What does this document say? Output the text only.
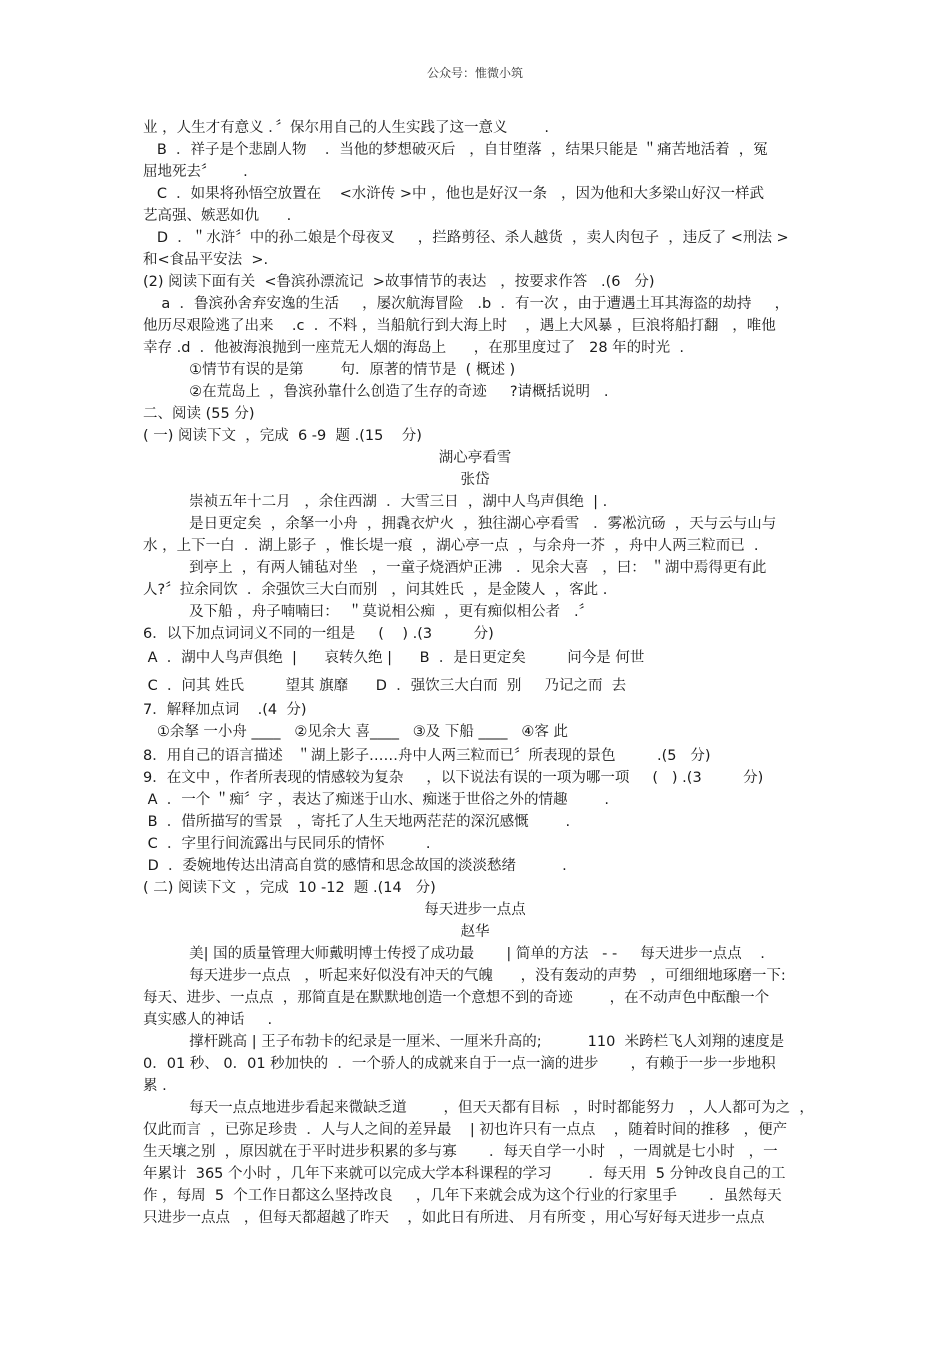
公众号：惟微小筑
业 ，人生才有意义 ．〞保尔用自己的人生实践了这一意义        .
B  ．祥子是个悲剧人物    ．当他的梦想破灭后   ，自甘堕落  ，结果只能是 ＂痛苦地活着  ，冤
屈地死去〞      .
C  ．如果将孙悟空放置在    <水浒传 >中 ，他也是好汉一条   ，因为他和大多梁山好汉一样武
艺高强、嫉恶如仇      .
D  ．＂水浒〞中的孙二娘是个母夜叉     ，拦路剪径、杀人越货  ，卖人肉包子  ，违反了 <刑法 >
和<食品平安法  >.
(2) 阅读下面有关  <鲁滨孙漂流记  >故事情节的表达   ，按要求作答   .(6   分)
a  ．鲁滨孙舍弃安逸的生活     ，屡次航海冒险   .b  ．有一次 ，由于遭遇土耳其海盗的劫持     ，
他历尽艰险逃了出来    .c  ．不料 ，当船航行到大海上时    ，遇上大风暴 ，巨浪将船打翻   ，唯他
幸存 .d  ．他被海浪抛到一座荒无人烟的海岛上      ，在那里度过了   28 年的时光  .
①情节有误的是第        句．原著的情节是  ( 概述 )
②在荒岛上  ，鲁滨孙靠什么创造了生存的奇迹     ?请概括说明   .
二、阅读 (55 分)
( 一) 阅读下文  ，完成  6 -9  题 .(15    分)
湖心亭看雪
张岱
崇祯五年十二月   ，余住西湖  ．大雪三日  ，湖中人鸟声俱绝  | .
是日更定矣  ，余拏一小舟  ，拥毳衣炉火  ，独往湖心亭看雪   ．雾凇沆砀  ，天与云与山与
水 ，上下一白  ．湖上影子  ，惟长堤一痕  ，湖心亭一点  ，与余舟一芥  ，舟中人两三粒而已  .
到亭上  ，有两人铺毡对坐   ，一童子烧酒炉正沸   ．见余大喜   ，曰： ＂湖中焉得更有此
人?〞拉余同饮  ．余强饮三大白而别   ，问其姓氏  ，是金陵人  ，客此 .
及下船 ，舟子喃喃曰：  ＂莫说相公痴  ，更有痴似相公者   .〞
6．以下加点词词义不同的一组是     (    ) .(3         分)
A  ．湖中人鸟声俱绝  |      哀转久绝 |      B  ．是日更定矣         问今是 何世
C  ．问其 姓氏         望其 旗靡      D  ．强饮三大白而  别     乃记之而  去
7．解释加点词    .(4  分)
①余拏 一小舟 ____   ②见余大 喜____   ③及 下船 ____   ④客 此
8．用自己的语言描述   ＂湖上影子……舟中人两三粒而已〞所表现的景色         .(5   分)
9．在文中 ，作者所表现的情感较为复杂     ，以下说法有误的一项为哪一项     (   ) .(3         分)
A  ．一个 ＂痴〞字 ，表达了痴迷于山水、痴迷于世俗之外的情趣        .
B  ．借所描写的雪景   ，寄托了人生天地两茫茫的深沉感慨        .
C  ．字里行间流露出与民同乐的情怀         .
D  ．委婉地传达出清高自赏的感情和思念故国的淡淡愁绪          .
( 二) 阅读下文  ，完成  10 -12  题 .(14   分)
每天进步一点点
赵华
美| 国的质量管理大师戴明博士传授了成功最       | 简单的方法   - -     每天进步一点点    .
每天进步一点点   ，听起来好似没有冲天的气魄      ，没有轰动的声势   ，可细细地琢磨一下:
每天、进步、一点点  ，那简直是在默默地创造一个意想不到的奇迹        ，在不动声色中酝酿一个
真实感人的神话     .
撑杆跳高 | 王子布勃卡的纪录是一厘米、一厘米升高的;          110  米跨栏飞人刘翔的速度是
0．01 秒、 0．01 秒加快的  ．一个骄人的成就来自于一点一滴的进步       ，有赖于一步一步地积
累 .
每天一点点地进步看起来微缺乏道        ，但天天都有目标   ，时时都能努力   ，人人都可为之  ，
仅此而言  ，已弥足珍贵  ．人与人之间的差异最    | 初也许只有一点点    ，随着时间的推移   ，便产
生天壤之别  ，原因就在于平时进步积累的多与寡       ．每天自学一小时   ，一周就是七小时   ，一
年累计  365 个小时 ，几年下来就可以完成大学本科课程的学习        ．每天用  5 分钟改良自己的工
作 ，每周  5  个工作日都这么坚持改良     ，几年下来就会成为这个行业的行家里手       ．虽然每天
只进步一点点   ，但每天都超越了昨天    ，如此日有所进、 月有所变 ，用心写好每天进步一点点
